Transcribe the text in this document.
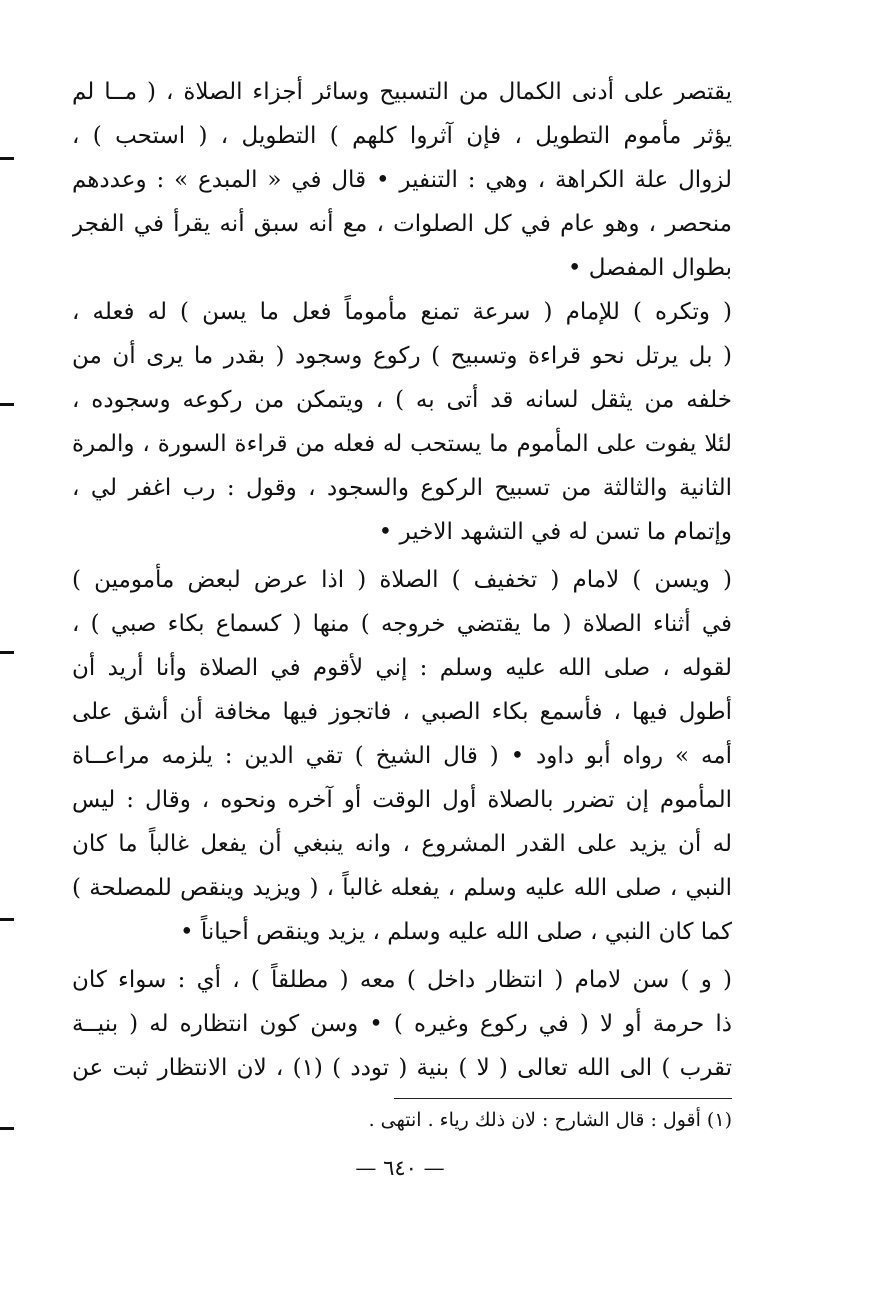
يقتصر على أدنى الكمال من التسبيح وسائر أجزاء الصلاة ، ( مــا لم
يؤثر مأموم التطويل ، فإن آثروا كلهم ) التطويل ، ( استحب ) ،
لزوال علة الكراهة ، وهي : التنفير • قال في « المبدع » : وعددهم
منحصر ، وهو عام في كل الصلوات ، مع أنه سبق أنه يقرأ في الفجر
بطوال المفصل •
( وتكره ) للإمام ( سرعة تمنع مأموماً فعل ما يسن ) له فعله ،
( بل يرتل نحو قراءة وتسبيح ) ركوع وسجود ( بقدر ما يرى أن من
خلفه من يثقل لسانه قد أتى به ) ، ويتمكن من ركوعه وسجوده ،
لئلا يفوت على المأموم ما يستحب له فعله من قراءة السورة ، والمرة
الثانية والثالثة من تسبيح الركوع والسجود ، وقول : رب اغفر لي ،
وإتمام ما تسن له في التشهد الاخير •
( ويسن ) لامام ( تخفيف ) الصلاة ( اذا عرض لبعض مأمومين )
في أثناء الصلاة ( ما يقتضي خروجه ) منها ( كسماع بكاء صبي ) ،
لقوله ، صلى الله عليه وسلم : إني لأقوم في الصلاة وأنا أريد أن
أطول فيها ، فأسمع بكاء الصبي ، فاتجوز فيها مخافة أن أشق على
أمه » رواه أبو داود • ( قال الشيخ ) تقي الدين : يلزمه مراعــاة
المأموم إن تضرر بالصلاة أول الوقت أو آخره ونحوه ، وقال : ليس
له أن يزيد على القدر المشروع ، وانه ينبغي أن يفعل غالباً ما كان
النبي ، صلى الله عليه وسلم ، يفعله غالباً ، ( ويزيد وينقص للمصلحة )
كما كان النبي ، صلى الله عليه وسلم ، يزيد وينقص أحياناً •
( و ) سن لامام ( انتظار داخل ) معه ( مطلقاً ) ، أي : سواء كان
ذا حرمة أو لا ( في ركوع وغيره ) • وسن كون انتظاره له ( بنيــة
تقرب ) الى الله تعالى ( لا ) بنية ( تودد ) (١) ، لان الانتظار ثبت عن
(١) أقول : قال الشارح : لان ذلك رياء . انتهى .
— ٦٤٠ —
